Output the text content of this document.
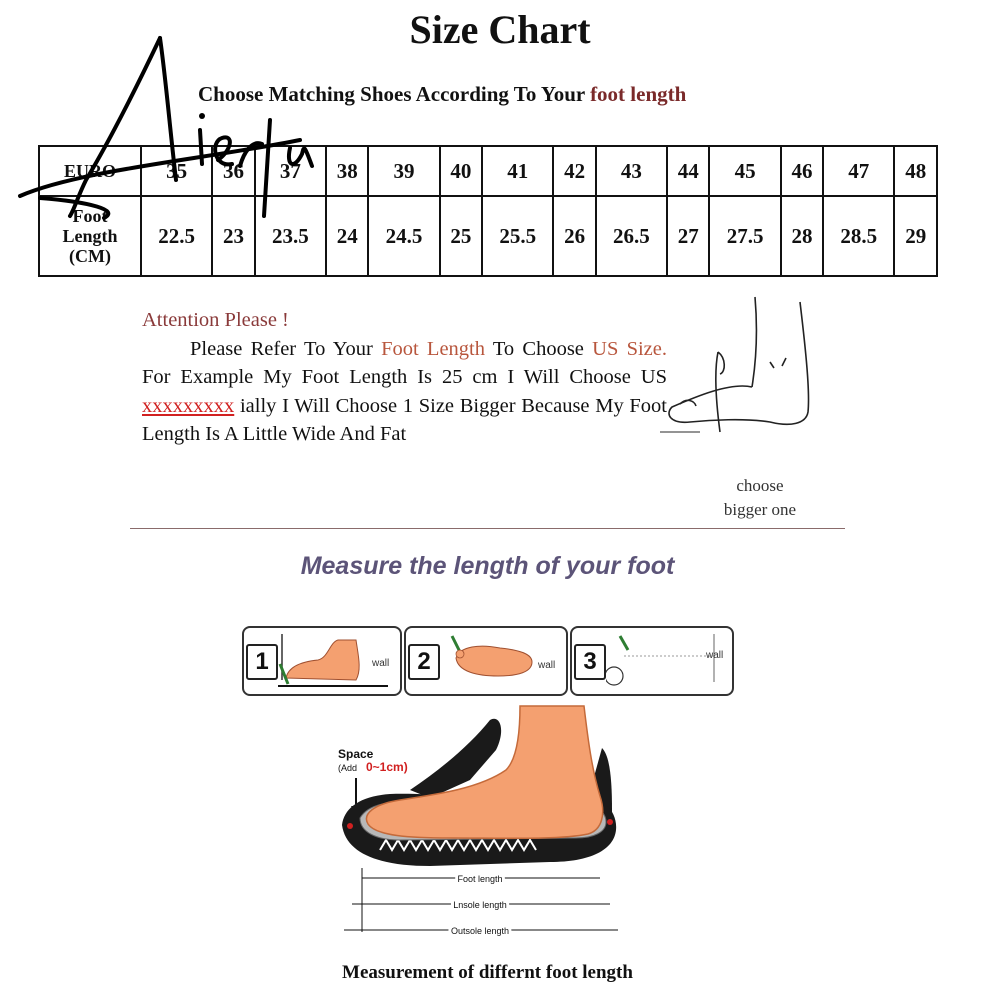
Size Chart
Choose Matching Shoes According To Your foot length
EURO	35	36	37	38	39	40	41	42	43	44	45	46	47	48

Foot
Length
(CM)	22.5	23	23.5	24	24.5	25	25.5	26	26.5	27	27.5	28	28.5	29
Attention Please !
Please Refer To Your Foot Length To Choose US Size. For Example My Foot Length Is 25 cm I Will Choose US xxxxxxxxx ially I Will Choose 1 Size Bigger Because My Foot Length Is A Little Wide And Fat
choose
bigger one
Measure the length of your foot
1	wall	2	wall	3	wall
Space
(Add 0~1cm)
Foot length
Lnsole length
Outsole length
Measurement of differnt foot length
